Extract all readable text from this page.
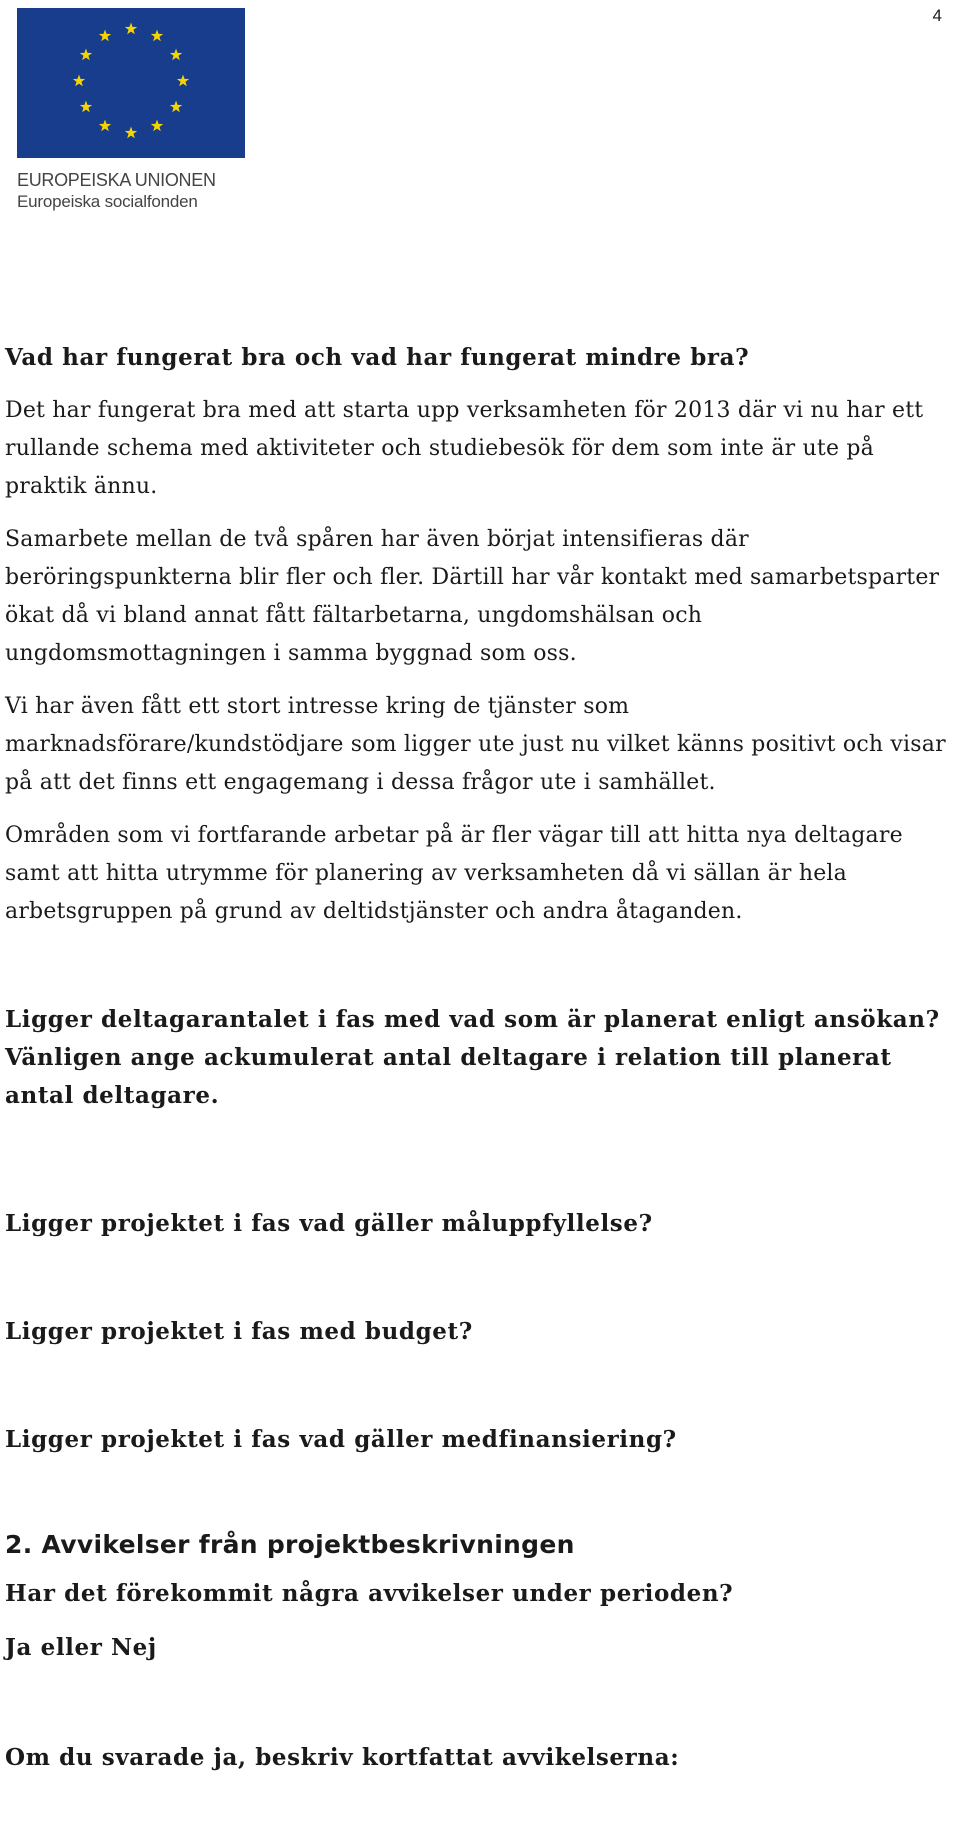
4
EUROPEISKA UNIONEN
Europeiska socialfonden

Vad har fungerat bra och vad har fungerat mindre bra?

Det har fungerat bra med att starta upp verksamheten för 2013 där vi nu har ett rullande schema med aktiviteter och studiebesök för dem som inte är ute på praktik ännu.

Samarbete mellan de två spåren har även börjat intensifieras där beröringspunkterna blir fler och fler. Därtill har vår kontakt med samarbetsparter ökat då vi bland annat fått fältarbetarna, ungdomshälsan och ungdomsmottagningen i samma byggnad som oss.

Vi har även fått ett stort intresse kring de tjänster som marknadsförare/kundstödjare som ligger ute just nu vilket känns positivt och visar på att det finns ett engagemang i dessa frågor ute i samhället.

Områden som vi fortfarande arbetar på är fler vägar till att hitta nya deltagare samt att hitta utrymme för planering av verksamheten då vi sällan är hela arbetsgruppen på grund av deltidstjänster och andra åtaganden.

Ligger deltagarantalet i fas med vad som är planerat enligt ansökan? Vänligen ange ackumulerat antal deltagare i relation till planerat antal deltagare.

Ligger projektet i fas vad gäller måluppfyllelse?

Ligger projektet i fas med budget?

Ligger projektet i fas vad gäller medfinansiering?

2. Avvikelser från projektbeskrivningen

Har det förekommit några avvikelser under perioden?

Ja eller Nej

Om du svarade ja, beskriv kortfattat avvikelserna:
